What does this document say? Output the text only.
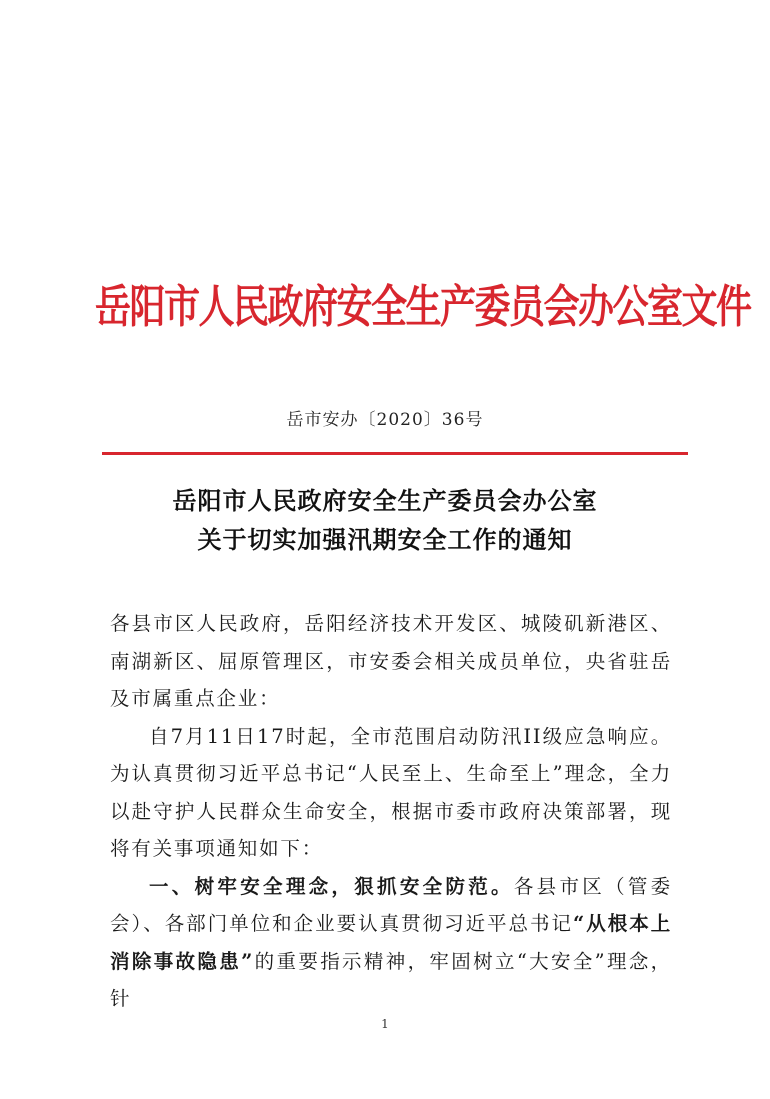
岳阳市人民政府安全生产委员会办公室文件
岳市安办〔2020〕36号
岳阳市人民政府安全生产委员会办公室
关于切实加强汛期安全工作的通知

各县市区人民政府，岳阳经济技术开发区、城陵矶新港区、南湖新区、屈原管理区，市安委会相关成员单位，央省驻岳及市属重点企业：

自7月11日17时起，全市范围启动防汛II级应急响应。为认真贯彻习近平总书记“人民至上、生命至上”理念，全力以赴守护人民群众生命安全，根据市委市政府决策部署，现将有关事项通知如下：

一、树牢安全理念，狠抓安全防范。各县市区（管委会）、各部门单位和企业要认真贯彻习近平总书记“从根本上消除事故隐患”的重要指示精神，牢固树立“大安全”理念，针

1
